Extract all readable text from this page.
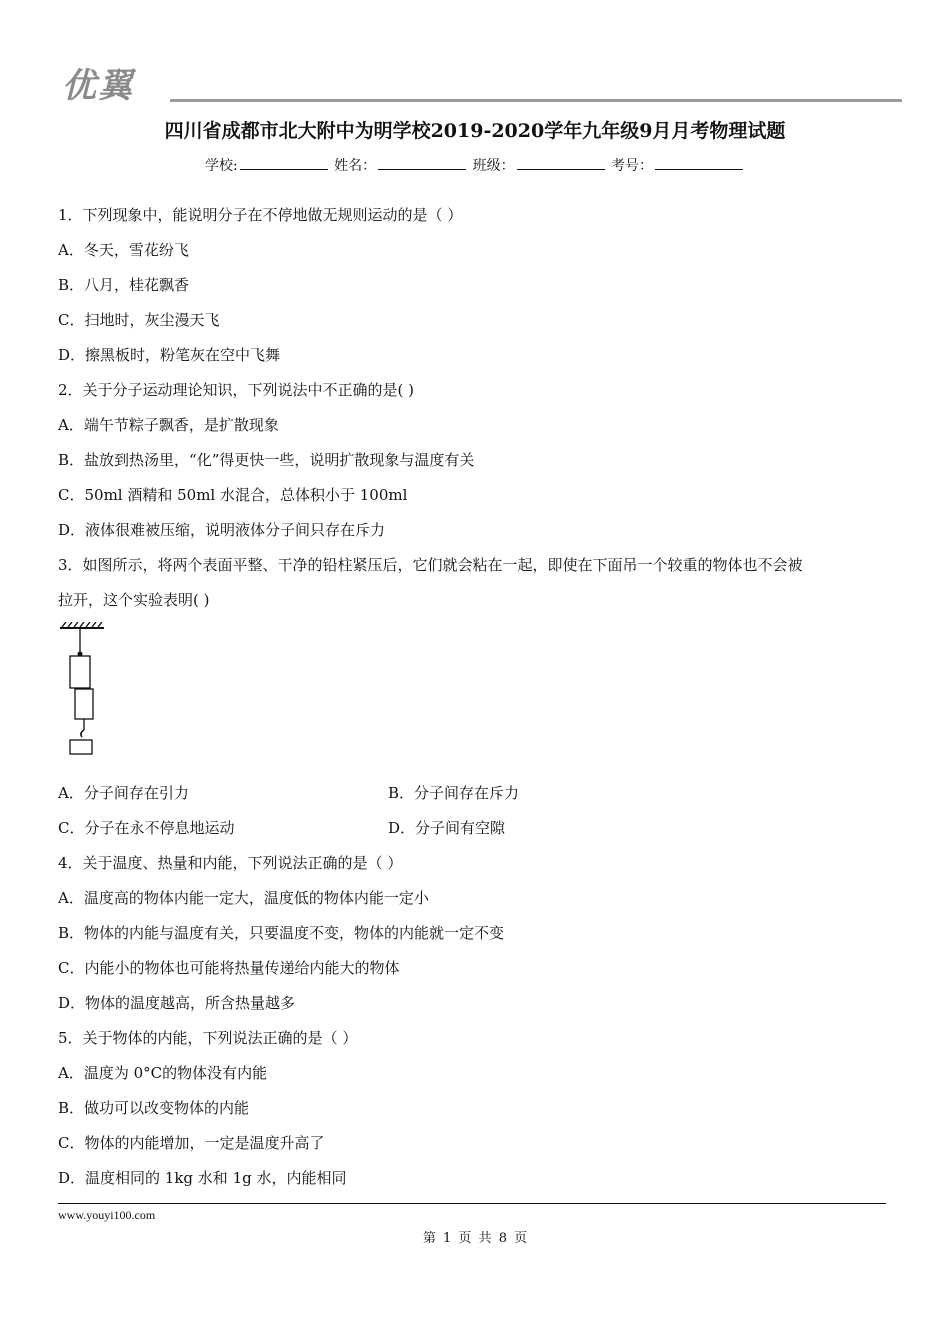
优翼
四川省成都市北大附中为明学校2019-2020学年九年级9月月考物理试题
学校:	姓名：	班级：	考号：
1．下列现象中，能说明分子在不停地做无规则运动的是（ ）
A．冬天，雪花纷飞
B．八月，桂花飘香
C．扫地时，灰尘漫天飞
D．擦黑板时，粉笔灰在空中飞舞
2．关于分子运动理论知识，下列说法中不正确的是( )
A．端午节粽子飘香，是扩散现象
B．盐放到热汤里，“化”得更快一些，说明扩散现象与温度有关
C．50ml 酒精和 50ml 水混合，总体积小于 100ml
D．液体很难被压缩，说明液体分子间只存在斥力
3．如图所示，将两个表面平整、干净的铅柱紧压后，它们就会粘在一起，即使在下面吊一个较重的物体也不会被
拉开，这个实验表明( )
A．分子间存在引力	B．分子间存在斥力
C．分子在永不停息地运动	D．分子间有空隙
4．关于温度、热量和内能，下列说法正确的是（ ）
A．温度高的物体内能一定大，温度低的物体内能一定小
B．物体的内能与温度有关，只要温度不变，物体的内能就一定不变
C．内能小的物体也可能将热量传递给内能大的物体
D．物体的温度越高，所含热量越多
5．关于物体的内能，下列说法正确的是（ ）
A．温度为 0°C的物体没有内能
B．做功可以改变物体的内能
C．物体的内能增加，一定是温度升高了
D．温度相同的 1kg 水和 1g 水，内能相同
www.youyi100.com
第 1 页 共 8 页
